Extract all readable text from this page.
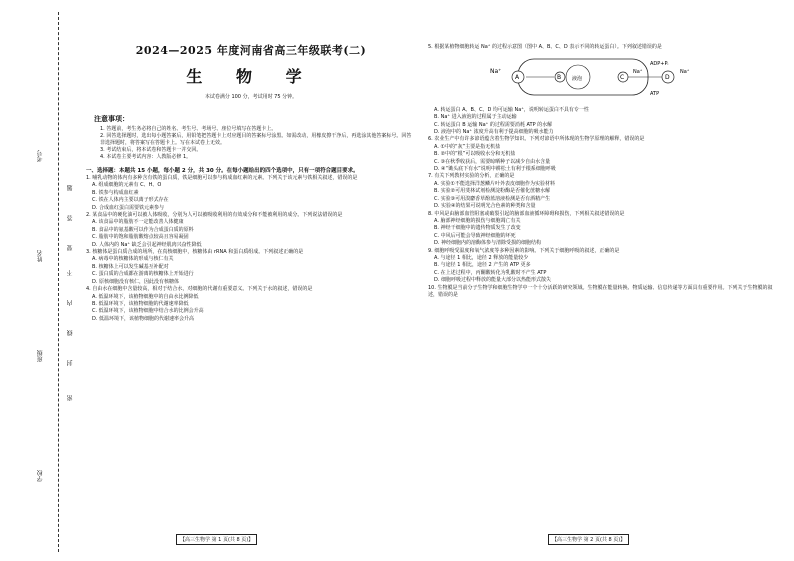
考号
题
答
要
不
姓名
内
线
封
班级
密
学校
2024—2025 年度河南省高三年级联考(二)
生 物 学
本试卷满分 100 分，考试用时 75 分钟。
注意事项：
1. 答题前，考生务必将自己的姓名、考生号、考场号、座位号填写在答题卡上。
2. 回答选择题时，选出每小题答案后，用铅笔把答题卡上对应题目的答案标号涂黑。如需改动，用橡皮擦干净后，再选涂其他答案标号。回答非选择题时，将答案写在答题卡上。写在本试卷上无效。
3. 考试结束后，将本试卷和答题卡一并交回。
4. 本试卷主要考试内容：人教版必修 1。
一、选择题：本题共 15 小题，每小题 2 分，共 30 分。在每小题给出的四个选项中，只有一项符合题目要求。

1. 哺乳动物的体内有多种含有铁的蛋白质，铁是细胞可以参与构成血红素的元素。下列关于该元素与铁相关叙述，错误的是

A. 组成细胞的元素有 C、H、O

B. 铁参与构成血红素

C. 铁在人体内主要以离子形式存在

D. 合成血红蛋白需要铁元素参与

2. 某食品中的硬化油可以被人体吸收，分别为人可以被吸收利用的有效成分和不能被利用的成分。下列说法错误的是

A. 该食品中的脂肪不一定能改善人体健康

B. 食品中的氨基酸可以作为合成蛋白质的原料

C. 脂肪中的饱和脂肪酸熔点较高且容易凝固

D. 人体内的 Na⁺ 缺乏会引起神经肌肉兴奋性降低

3. 核糖体是蛋白质合成的场所，在真核细胞中，核糖体由 rRNA 和蛋白质组成。下列叙述正确的是

A. 病毒中的核糖体的形成与核仁有关

B. 核糖体上可以发生碱基互补配对

C. 蛋白质的合成都在游离的核糖体上开始进行

D. 原核细胞没有核仁，因此没有核糖体

4. 自由水在细胞中含量较高，相对于结合水，对细胞的代谢有重要意义。下列关于水的叙述，错误的是

A. 低温环境下，该植物细胞中的自由水比例降低

B. 低温环境下，该植物细胞的代谢速率降低

C. 低温环境下，该植物细胞中结合水的比例会升高

D. 低温环境下，该植物细胞的代谢速率会升高

5. 根据某植物细胞转运 Na⁺ 的过程示意图（图中 A、B、C、D 表示不同的转运蛋白）。下列叙述错误的是

Na⁺
A	B	C	D
ADP+Pᵢ
ATP
液泡
Na⁺	Na⁺

A. 转运蛋白 A、B、C、D 均可运输 Na⁺，说明转运蛋白不具有专一性

B. Na⁺ 进入液泡的过程属于主动运输

C. 转运蛋白 B 运输 Na⁺ 的过程需要消耗 ATP 的水解

D. 液泡中的 Na⁺ 浓度升高有利于提高细胞的吸水能力

6. 农业生产中有许多谚语蕴含着生物学知识。下列对谚语中所体现的生物学原理的解释，错误的是

A. ①中的“灰”主要是指无机盐

B. ②中的“根”可以吸收水分和无机盐

C. ③在秋季收获后，需要晾晒种子以减少自由水含量

D. ④“锄头底下有水”说明中耕松土有利于根系细胞呼吸

7. 有关下列教材实验的分析，正确的是

A. 实验①不能选择洋葱鳞片叶外表皮细胞作为实验材料

B. 实验②可用斐林试剂检测淀粉酶是否催化蔗糖水解

C. 实验③可用溴麝香草酚蓝溶液检测是否有酒精产生

D. 实验④的结果可说明光合色素的种类和含量

8. 中风是由脑部血管阻塞或破裂引起的脑部血液循环障碍和损伤，下列相关叙述错误的是

A. 脑部神经细胞的损伤与细胞凋亡有关

B. 神经干细胞中的遗传物质发生了改变

C. 中风后可能会导致神经细胞的坏死

D. 神经细胞内的溶酶体参与清除受损的细胞结构

9. 细胞呼吸受温度和氧气浓度等多种因素的影响。下列关于细胞呼吸的叙述，正确的是

A. 与途径 1 相比，途径 2 释放的能量较少

B. 与途径 1 相比，途径 2 产生的 ATP 更多

C. 在上述过程中，丙酮酸转化为乳酸时不产生 ATP

D. 细胞呼吸过程中释放的能量大部分以热能形式散失

10. 生物膜是当前分子生物学和细胞生物学中一个十分活跃的研究领域。生物膜在能量转换、物质运输、信息传递等方面具有重要作用。下列关于生物膜的叙述，错误的是

【高三生物学 第 1 页(共 8 页)】	【高三生物学 第 2 页(共 8 页)】
